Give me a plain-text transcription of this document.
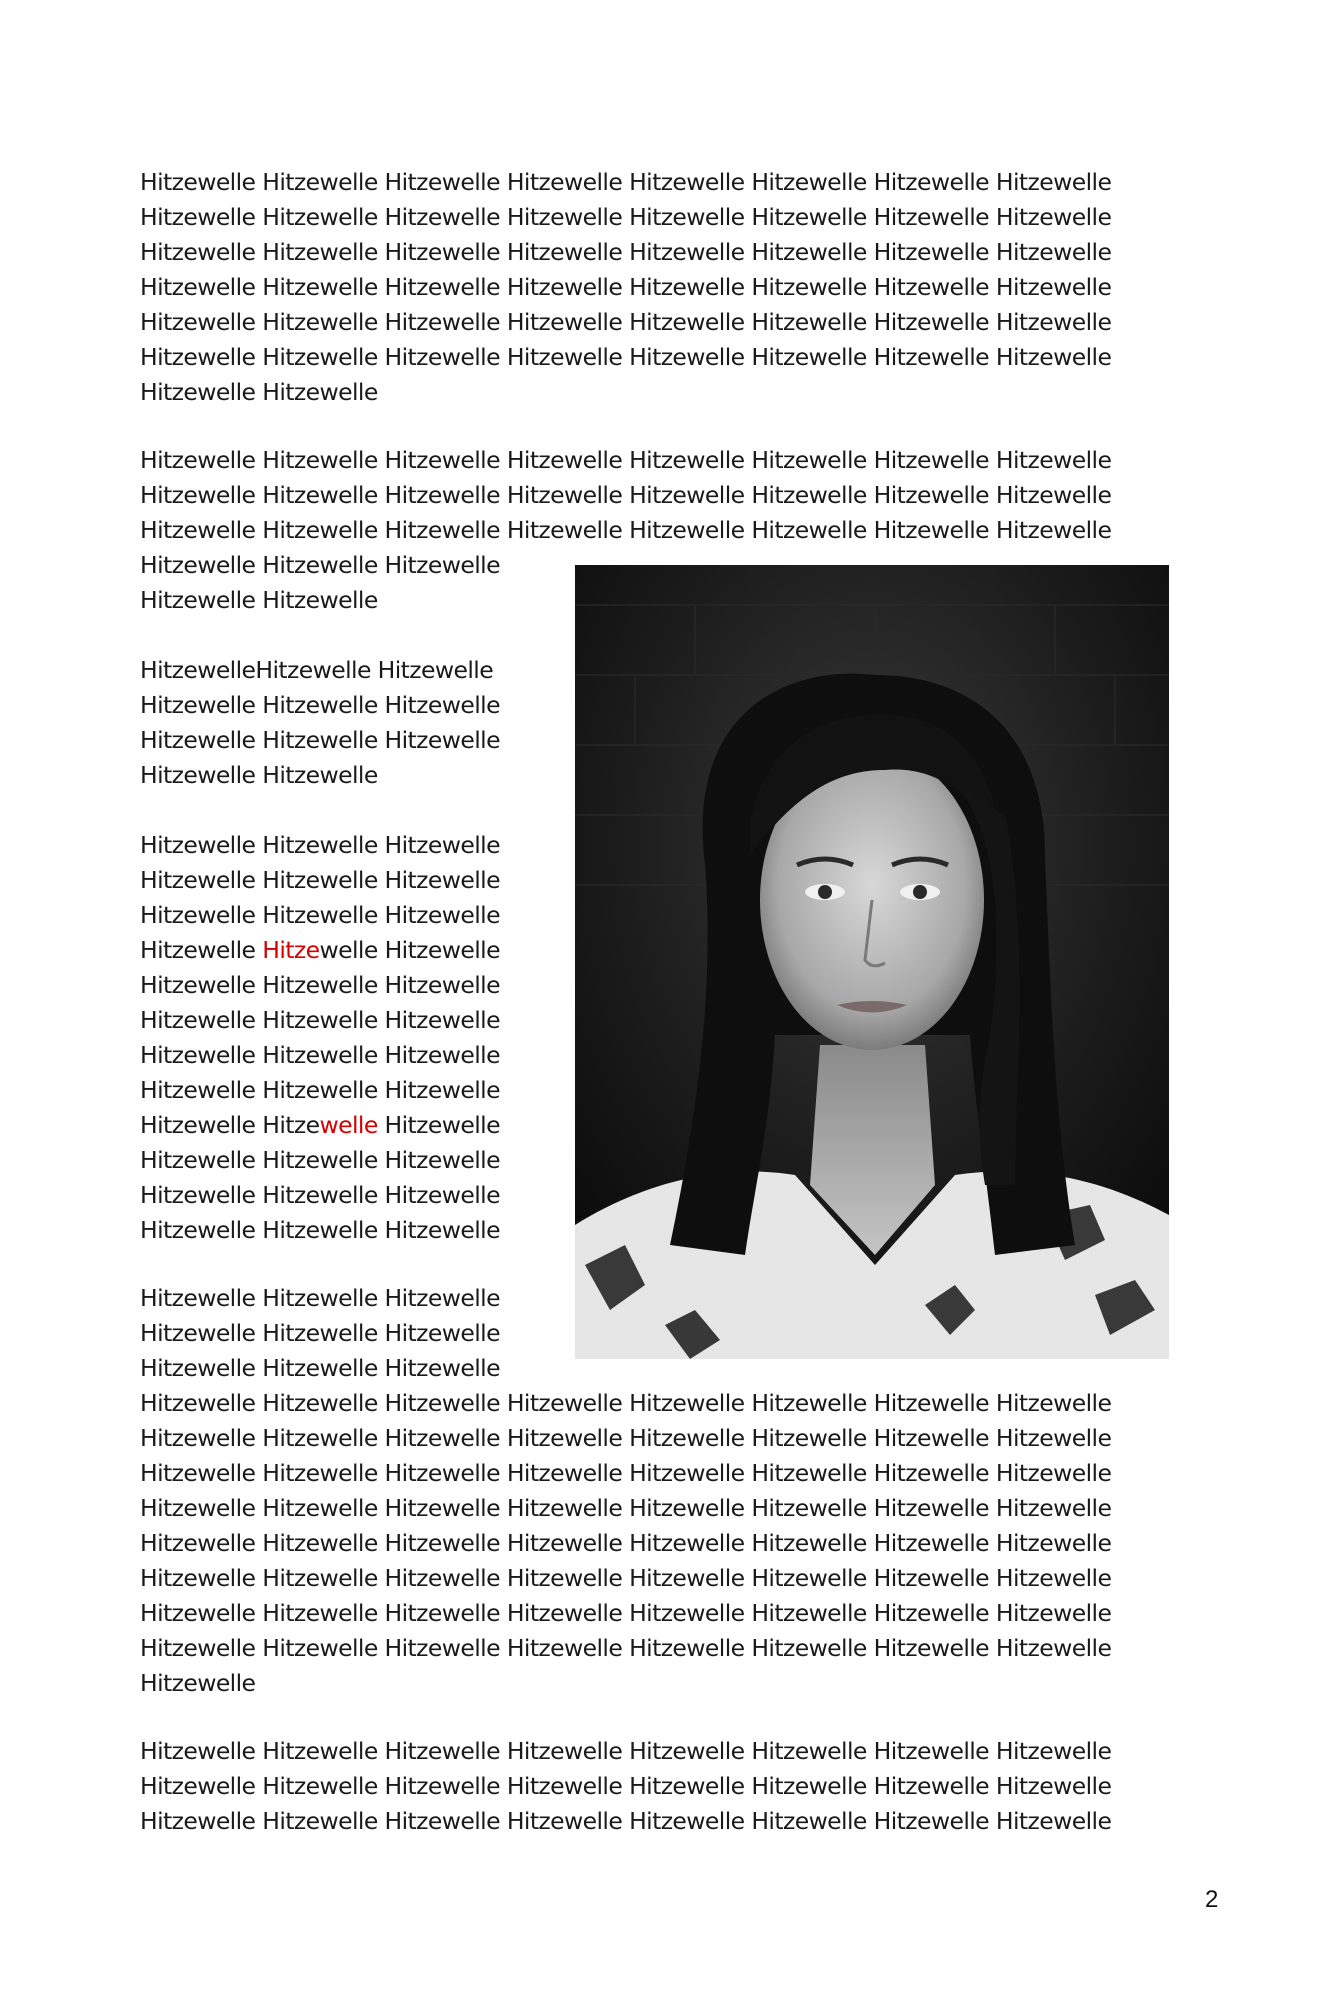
Hitzewelle Hitzewelle Hitzewelle Hitzewelle Hitzewelle Hitzewelle Hitzewelle Hitzewelle
Hitzewelle Hitzewelle Hitzewelle Hitzewelle Hitzewelle Hitzewelle Hitzewelle Hitzewelle
Hitzewelle Hitzewelle Hitzewelle Hitzewelle Hitzewelle Hitzewelle Hitzewelle Hitzewelle
Hitzewelle Hitzewelle Hitzewelle Hitzewelle Hitzewelle Hitzewelle Hitzewelle Hitzewelle
Hitzewelle Hitzewelle Hitzewelle Hitzewelle Hitzewelle Hitzewelle Hitzewelle Hitzewelle
Hitzewelle Hitzewelle Hitzewelle Hitzewelle Hitzewelle Hitzewelle Hitzewelle Hitzewelle
Hitzewelle Hitzewelle
Hitzewelle Hitzewelle Hitzewelle Hitzewelle Hitzewelle Hitzewelle Hitzewelle Hitzewelle
Hitzewelle Hitzewelle Hitzewelle Hitzewelle Hitzewelle Hitzewelle Hitzewelle Hitzewelle
Hitzewelle Hitzewelle Hitzewelle Hitzewelle Hitzewelle Hitzewelle Hitzewelle Hitzewelle
Hitzewelle Hitzewelle Hitzewelle
Hitzewelle Hitzewelle
HitzewelleHitzewelle Hitzewelle
Hitzewelle Hitzewelle Hitzewelle
Hitzewelle Hitzewelle Hitzewelle
Hitzewelle Hitzewelle
Hitzewelle Hitzewelle Hitzewelle
Hitzewelle Hitzewelle Hitzewelle
Hitzewelle Hitzewelle Hitzewelle
Hitzewelle Hitzewelle Hitzewelle
Hitzewelle Hitzewelle Hitzewelle
Hitzewelle Hitzewelle Hitzewelle
Hitzewelle Hitzewelle Hitzewelle
Hitzewelle Hitzewelle Hitzewelle
Hitzewelle Hitzewelle Hitzewelle
Hitzewelle Hitzewelle Hitzewelle
Hitzewelle Hitzewelle Hitzewelle
Hitzewelle Hitzewelle Hitzewelle
Hitzewelle Hitzewelle Hitzewelle
Hitzewelle Hitzewelle Hitzewelle
Hitzewelle Hitzewelle Hitzewelle
Hitzewelle Hitzewelle Hitzewelle Hitzewelle Hitzewelle Hitzewelle Hitzewelle Hitzewelle
Hitzewelle Hitzewelle Hitzewelle Hitzewelle Hitzewelle Hitzewelle Hitzewelle Hitzewelle
Hitzewelle Hitzewelle Hitzewelle Hitzewelle Hitzewelle Hitzewelle Hitzewelle Hitzewelle
Hitzewelle Hitzewelle Hitzewelle Hitzewelle Hitzewelle Hitzewelle Hitzewelle Hitzewelle
Hitzewelle Hitzewelle Hitzewelle Hitzewelle Hitzewelle Hitzewelle Hitzewelle Hitzewelle
Hitzewelle Hitzewelle Hitzewelle Hitzewelle Hitzewelle Hitzewelle Hitzewelle Hitzewelle
Hitzewelle Hitzewelle Hitzewelle Hitzewelle Hitzewelle Hitzewelle Hitzewelle Hitzewelle
Hitzewelle Hitzewelle Hitzewelle Hitzewelle Hitzewelle Hitzewelle Hitzewelle Hitzewelle
Hitzewelle
Hitzewelle Hitzewelle Hitzewelle Hitzewelle Hitzewelle Hitzewelle Hitzewelle Hitzewelle
Hitzewelle Hitzewelle Hitzewelle Hitzewelle Hitzewelle Hitzewelle Hitzewelle Hitzewelle
Hitzewelle Hitzewelle Hitzewelle Hitzewelle Hitzewelle Hitzewelle Hitzewelle Hitzewelle
2
